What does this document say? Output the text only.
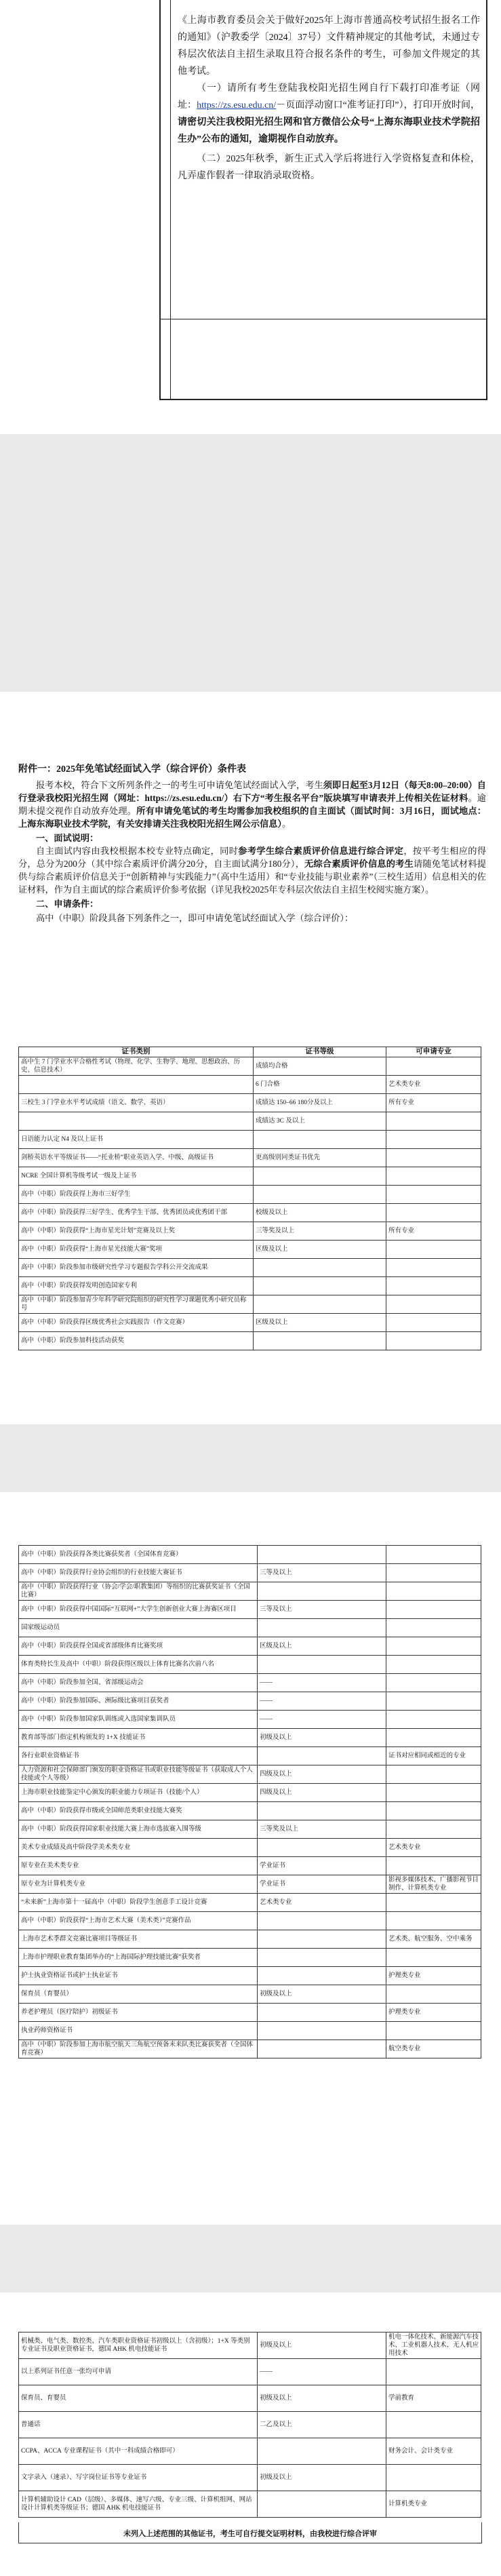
《上海市教育委员会关于做好2025年上海市普通高校考试招生报名工作的通知》（沪教委学〔2024〕37号）文件精神规定的其他考试，未通过专科层次依法自主招生录取且符合报名条件的考生，可参加文件规定的其他考试。

（一）请所有考生登陆我校阳光招生网自行下载打印准考证（网址：https://zs.esu.edu.cn/－页面浮动窗口“准考证打印”），打印开放时间，请密切关注我校阳光招生网和官方微信公众号“上海东海职业技术学院招生办”公布的通知，逾期视作自动放弃。

（二）2025年秋季，新生正式入学后将进行入学资格复查和体检，凡弄虚作假者一律取消录取资格。

附件一：2025年免笔试经面试入学（综合评价）条件表

报考本校，符合下文所列条件之一的考生可申请免笔试经面试入学，考生须即日起至3月12日（每天8:00–20:00）自行登录我校阳光招生网（网址：https://zs.esu.edu.cn/）右下方“考生报名平台”版块填写申请表并上传相关佐证材料。逾期未提交视作自动放弃处理。所有申请免笔试的考生均需参加我校组织的自主面试（面试时间：3月16日，面试地点：上海东海职业技术学院，有关安排请关注我校阳光招生网公示信息）。

一、面试说明：

自主面试内容由我校根据本校专业特点确定，同时参考学生综合素质评价信息进行综合评定，按平考生相应的得分，总分为200分（其中综合素质评价满分20分，自主面试满分180分），无综合素质评价信息的考生请随免笔试材料提供与综合素质评价信息关于“创新精神与实践能力”（高中生适用）和“专业技能与职业素养”（三校生适用）信息相关的佐证材料，作为自主面试的综合素质评价参考依据（详见我校2025年专科层次依法自主招生校阅实施方案）。

二、申请条件：

高中（中职）阶段具备下列条件之一，即可申请免笔试经面试入学（综合评价）：

证书类别	证书等级	可申请专业
高中生 7 门学业水平合格性考试（物理、化学、生物学、地理、思想政治、历史、信息技术）	成绩均合格	
	6 门合格	艺术类专业
三校生 3 门学业水平考试成绩（语文、数学、英语）	成绩达 150–66 180分及以上	所有专业
	成绩达 3C 及以上	
日语能力认定 N4 及以上证书		
剑桥英语水平等级证书——“托业桥”职业英语入学、中级、高级证书	更高级别同类证书优先	
NCRE 全国计算机等级考试一级及上证书		
高中（中职）阶段获得上海市三好学生		
高中（中职）阶段获得三好学生、优秀学生干部、优秀团员或优秀团干部	校级及以上	
高中（中职）阶段获得“上海市星光计划”竞赛及以上奖	三等奖及以上	所有专业
高中（中职）阶段获得“上海市星光技能大赛”奖项	区级及以上	
高中（中职）阶段参加市级研究性学习专题报告学科公开交流成果		
高中（中职）阶段获得发明创造国家专利		
高中（中职）阶段参加青少年科学研究院组织的研究性学习课题优秀小研究员称号		
高中（中职）阶段获得区级优秀社会实践报告（作文竞赛）	区级及以上	
高中（中职）阶段参加科技活动获奖		
高中（中职）阶段获得各类比赛获奖者（全国体育竞赛）		
高中（中职）阶段获得行业协会组织的行业技能大赛证书	三等及以上	
高中（中职）阶段获得行业（协会/学会/职教集团）等组织的比赛获奖证书（全国比赛）		
高中（中职）阶段获得中国国际“互联网+”大学生创新创业大赛上海赛区项目	三等及以上	
国家级运动员		
高中（中职）阶段获得全国或省部级体育比赛奖项	区级及以上	
体育类特长生及高中（中职）阶段获得区级以上体育比赛名次前八名		
高中（中职）阶段参加全国、省部级运动会	——	
高中（中职）阶段参加国际、洲际级比赛项目获奖者	——	
高中（中职）阶段参加国家队训练或入选国家集训队员	——	
教育部等部门指定机构颁发的 1+X 技能证书	初级及以上	
各行业职业资格证书		证书对应相同或相近的专业
人力资源和社会保障部门颁发的职业资格证书或职业技能等级证书（获取成人个人技能或个人等级）	四级及以上	
上海市职业技能鉴定中心颁发的职业能力专项证书（技能/个人）	四级及以上	
高中（中职）阶段获得市级或全国师范类职业技能大赛奖		
高中（中职）阶段获得国家职业技能大赛上海市选拔赛入围等级	三等奖及以上	
美术专业成绩及高中阶段学美术类专业		艺术类专业
原专业在美术类专业	学业证书	
原专业为计算机类专业	学业证书	影视多媒体技术、广播影视节目制作、计算机类专业
“未来新”上海市第十一届高中（中职）阶段学生创意手工设计竞赛	艺术类专业	
高中（中职）阶段获得“上海市艺术大赛（美术类）”竞赛作品		
上海市艺术季群文竞赛比赛项目等级证书		艺术类、航空服务、空中乘务
上海市护理职业教育集团举办的“上海国际护理技能比赛”获奖者		
护士执业资格证书或护士执业证书		护理类专业
保育员（育婴员）	初级及以上	
养老护理员（医疗陪护）初级证书		护理类专业
执业药师资格证书		
高中（中职）阶段参加上海市航空航天三角航空预备未来队类比赛获奖者（全国体育竞赛）		航空类专业
机械类、电气类、数控类、汽车类职业资格证书初级以上（含初级）；1+X 等类别专业证书及职业资格证书，德国 AHK 机电技能证书	初级及以上	机电一体化技术、新能源汽车技术、工业机器人技术、无人机应用技术
以上系列证书任意一张均可申请	——	
保育员、育婴员	初级及以上	学前教育
普通话	二乙及以上	
CCPA、ACCA 专业课程证书（其中一科成绩合格即可）		财务会计、会计类专业
文字录入（速录）、写字岗位证书等专业证书	初级及以上	
计算机辅助设计 CAD（层级）、多媒体、速写六级、专业三级、计算机组网、网站设计计算机类等级证书；德国 AHK 机电技能证书		计算机类专业
未列入上述范围的其他证书，考生可自行提交证明材料，由我校进行综合评审
